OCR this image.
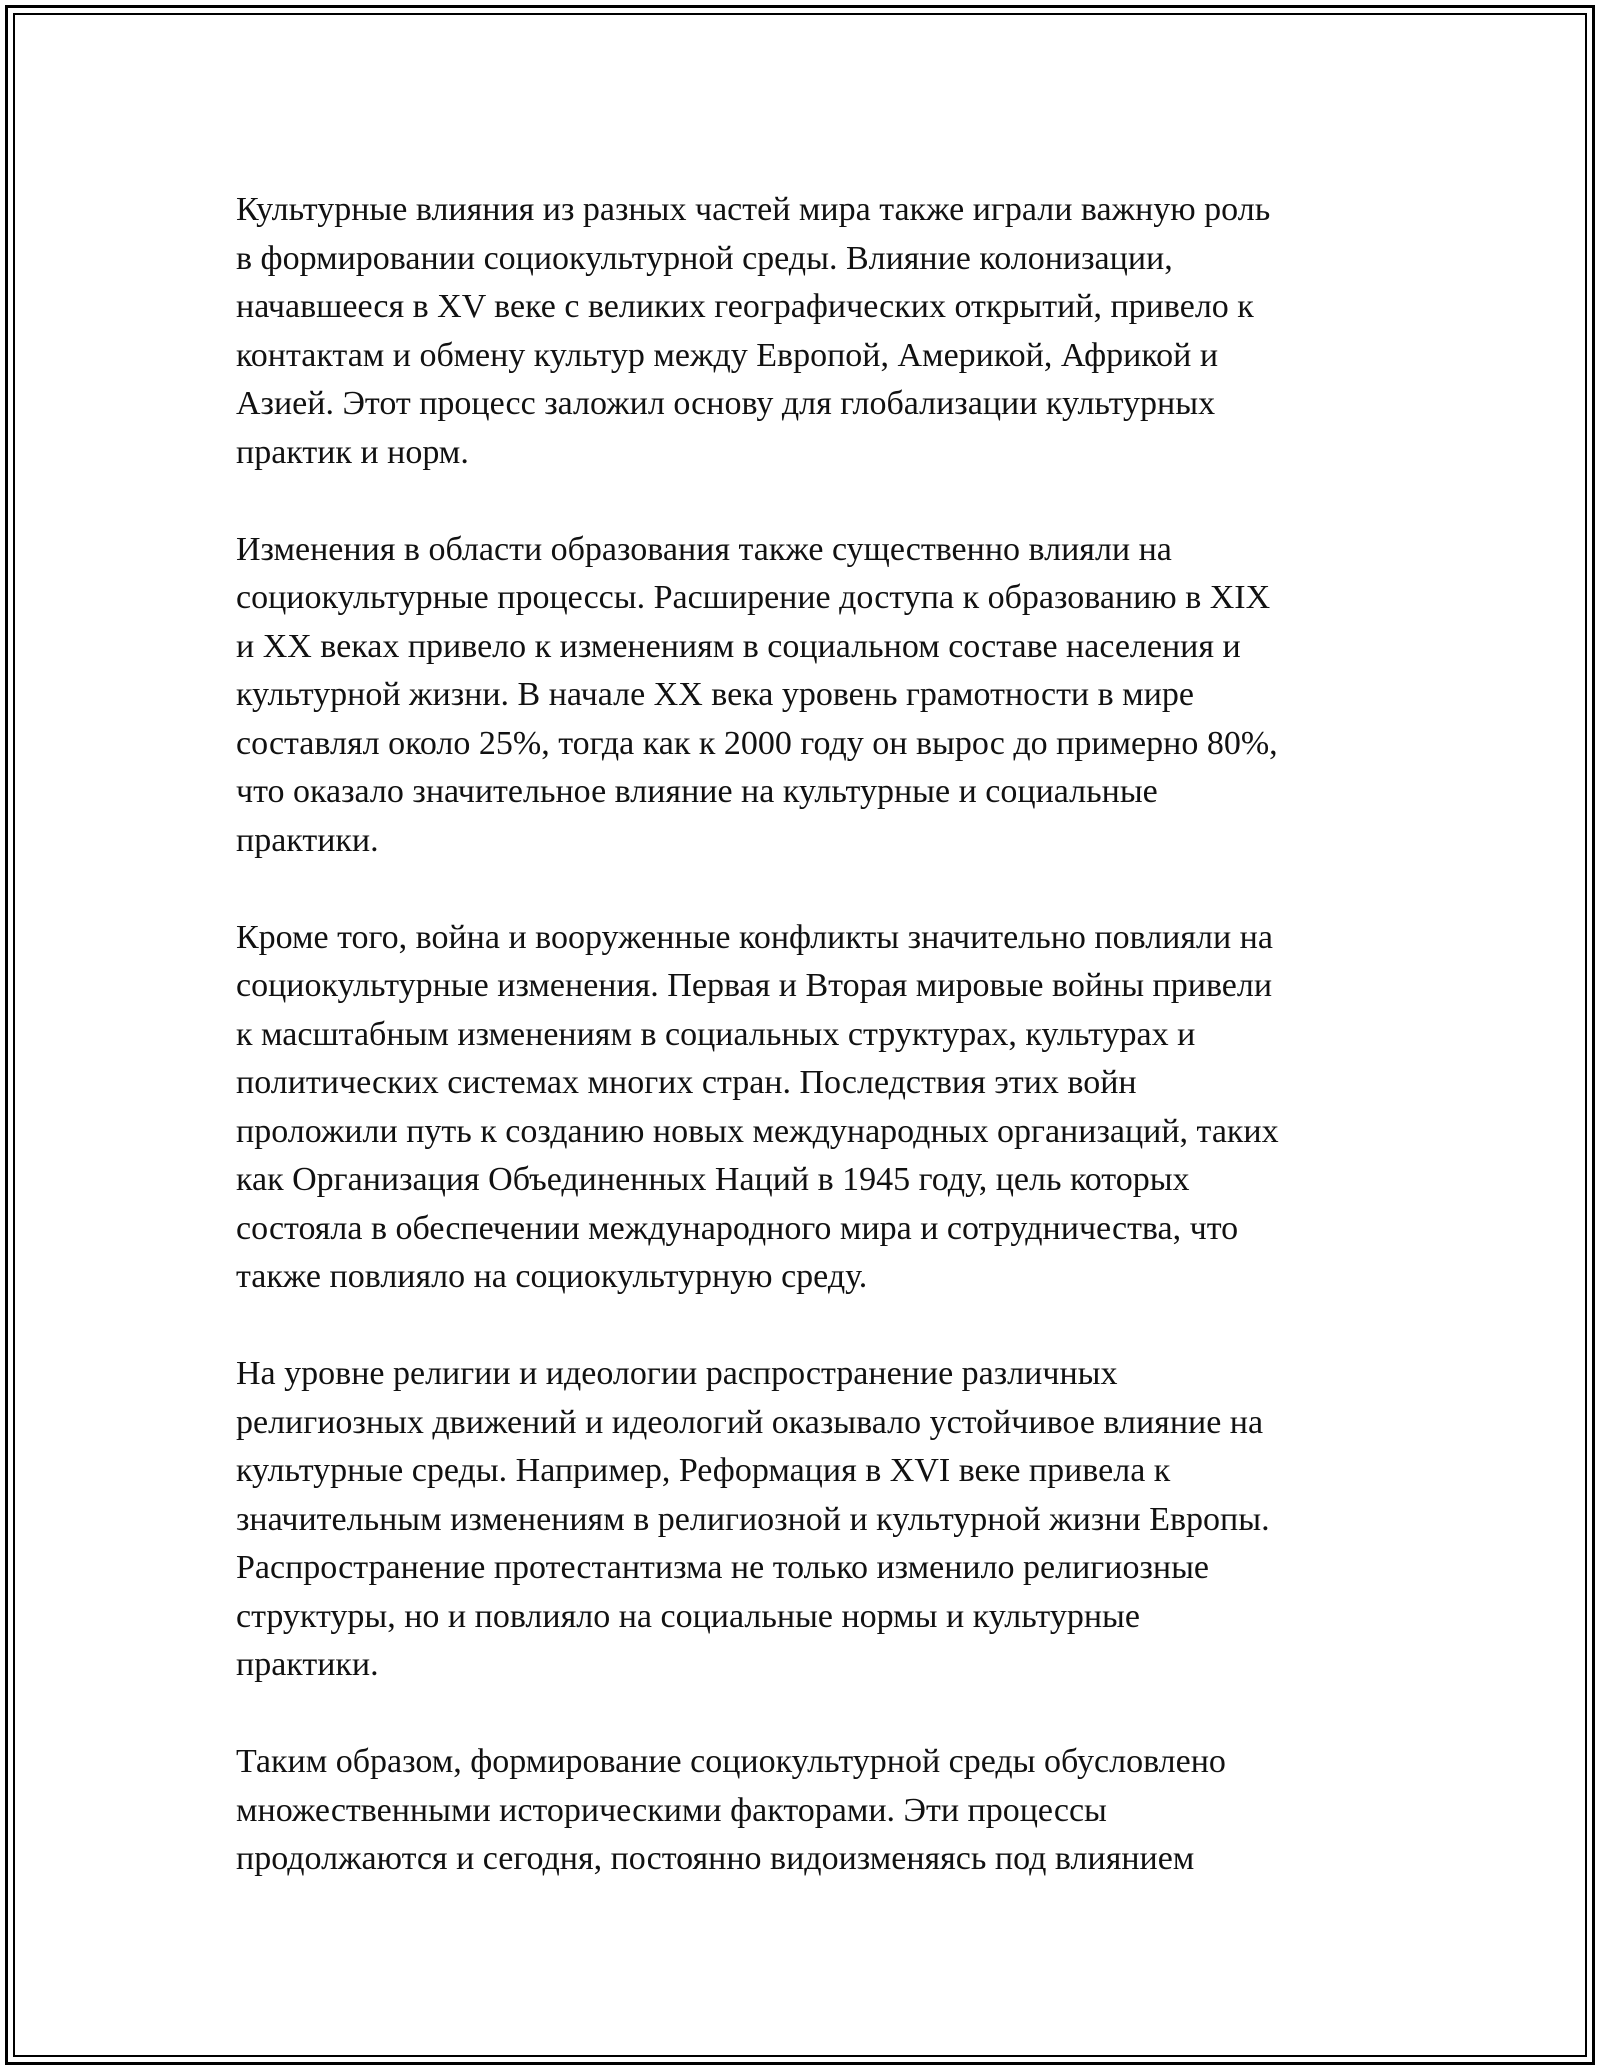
Культурные влияния из разных частей мира также играли важную роль
в формировании социокультурной среды. Влияние колонизации,
начавшееся в XV веке с великих географических открытий, привело к
контактам и обмену культур между Европой, Америкой, Африкой и
Азией. Этот процесс заложил основу для глобализации культурных
практик и норм.

Изменения в области образования также существенно влияли на
социокультурные процессы. Расширение доступа к образованию в XIX
и XX веках привело к изменениям в социальном составе населения и
культурной жизни. В начале XX века уровень грамотности в мире
составлял около 25%, тогда как к 2000 году он вырос до примерно 80%,
что оказало значительное влияние на культурные и социальные
практики.

Кроме того, война и вооруженные конфликты значительно повлияли на
социокультурные изменения. Первая и Вторая мировые войны привели
к масштабным изменениям в социальных структурах, культурах и
политических системах многих стран. Последствия этих войн
проложили путь к созданию новых международных организаций, таких
как Организация Объединенных Наций в 1945 году, цель которых
состояла в обеспечении международного мира и сотрудничества, что
также повлияло на социокультурную среду.

На уровне религии и идеологии распространение различных
религиозных движений и идеологий оказывало устойчивое влияние на
культурные среды. Например, Реформация в XVI веке привела к
значительным изменениям в религиозной и культурной жизни Европы.
Распространение протестантизма не только изменило религиозные
структуры, но и повлияло на социальные нормы и культурные
практики.

Таким образом, формирование социокультурной среды обусловлено
множественными историческими факторами. Эти процессы
продолжаются и сегодня, постоянно видоизменяясь под влиянием
